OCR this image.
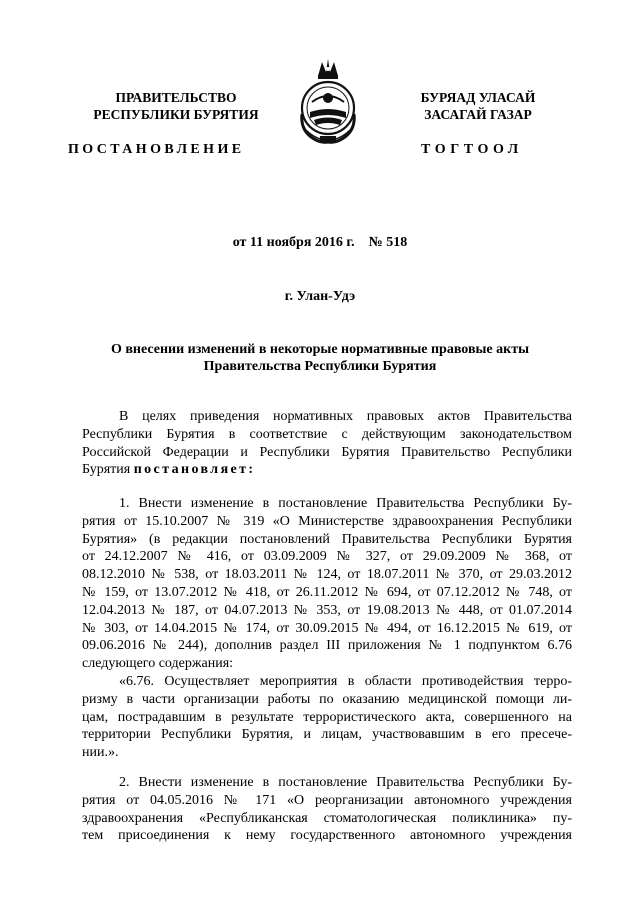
ПРАВИТЕЛЬСТВО
РЕСПУБЛИКИ БУРЯТИЯ
ПОСТАНОВЛЕНИЕ
БУРЯАД УЛАСАЙ
ЗАСАГАЙ ГАЗАР
ТОГТООЛ
от 11 ноября 2016 г.    № 518
г. Улан-Удэ
О внесении изменений в некоторые нормативные правовые акты
Правительства Республики Бурятия
В целях приведения нормативных правовых актов Правительства
Республики Бурятия в соответствие с действующим законодательством
Российской Федерации и Республики Бурятия Правительство Республики
Бурятия постановляет:
1. Внести изменение в постановление Правительства Республики Бу-
рятия от 15.10.2007 № 319 «О Министерстве здравоохранения Республики
Бурятия» (в редакции постановлений Правительства Республики Бурятия
от 24.12.2007 № 416, от 03.09.2009 № 327, от 29.09.2009 № 368, от
08.12.2010 № 538, от 18.03.2011 № 124, от 18.07.2011 № 370, от 29.03.2012
№ 159, от 13.07.2012 № 418, от 26.11.2012 № 694, от 07.12.2012 № 748, от
12.04.2013 № 187, от 04.07.2013 № 353, от 19.08.2013 № 448, от 01.07.2014
№ 303, от 14.04.2015 № 174, от 30.09.2015 № 494, от 16.12.2015 № 619, от
09.06.2016 № 244), дополнив раздел III приложения № 1 подпунктом 6.76
следующего содержания:
«6.76. Осуществляет мероприятия в области противодействия терро-
ризму в части организации работы по оказанию медицинской помощи ли-
цам, пострадавшим в результате террористического акта, совершенного на
территории Республики Бурятия, и лицам, участвовавшим в его пресече-
нии.».
2. Внести изменение в постановление Правительства Республики Бу-
рятия от 04.05.2016 № 171 «О реорганизации автономного учреждения
здравоохранения «Республиканская стоматологическая поликлиника» пу-
тем присоединения к нему государственного автономного учреждения
